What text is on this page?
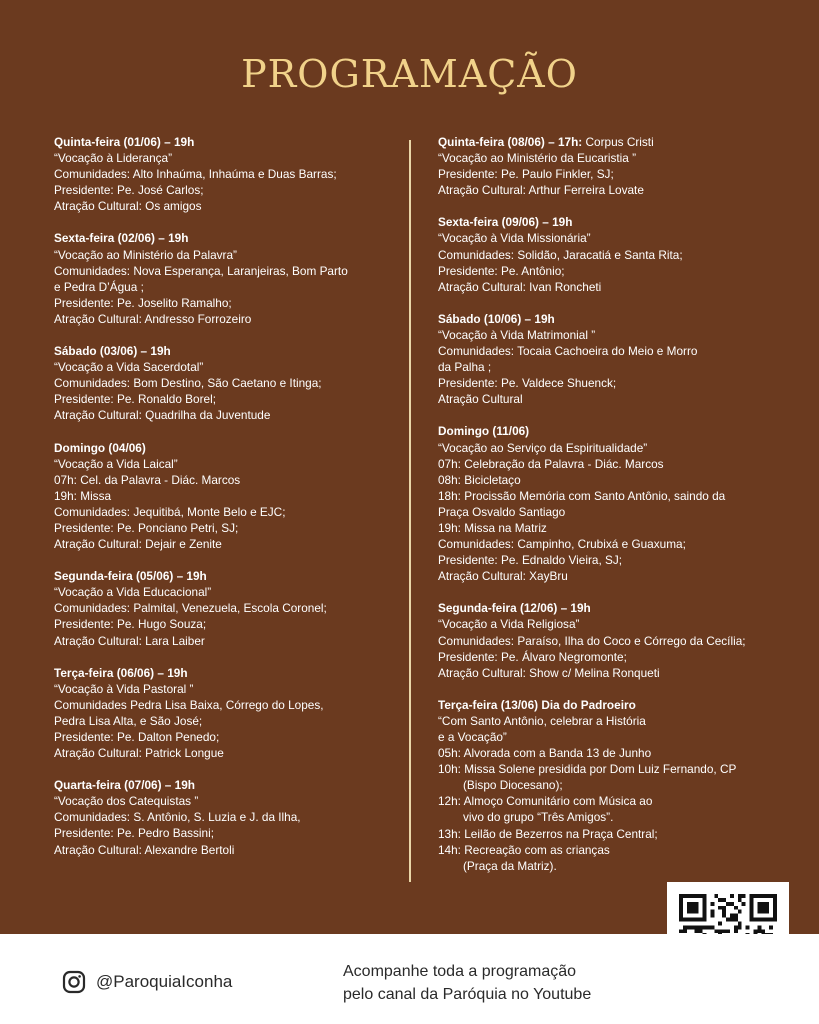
PROGRAMAÇÃO
Quinta-feira (01/06) – 19h
“Vocação à Liderança”
Comunidades: Alto Inhaúma, Inhaúma e Duas Barras;
Presidente: Pe. José Carlos;
Atração Cultural: Os amigos
Sexta-feira (02/06) – 19h
“Vocação ao Ministério da Palavra”
Comunidades: Nova Esperança, Laranjeiras, Bom Parto
e Pedra D’Água ;
Presidente: Pe. Joselito Ramalho;
Atração Cultural: Andresso Forrozeiro
Sábado (03/06) – 19h
“Vocação a Vida Sacerdotal”
Comunidades: Bom Destino, São Caetano e Itinga;
Presidente: Pe. Ronaldo Borel;
Atração Cultural: Quadrilha da Juventude
Domingo (04/06)
“Vocação a Vida Laical”
07h: Cel. da Palavra - Diác. Marcos
19h: Missa
Comunidades: Jequitibá, Monte Belo e EJC;
Presidente: Pe. Ponciano Petri, SJ;
Atração Cultural: Dejair e Zenite
Segunda-feira (05/06) – 19h
“Vocação a Vida Educacional”
Comunidades: Palmital, Venezuela, Escola Coronel;
Presidente: Pe. Hugo Souza;
Atração Cultural: Lara Laiber
Terça-feira (06/06) – 19h
“Vocação à Vida Pastoral ”
Comunidades Pedra Lisa Baixa, Córrego do Lopes,
Pedra Lisa Alta, e São José;
Presidente: Pe. Dalton Penedo;
Atração Cultural: Patrick Longue
Quarta-feira (07/06) – 19h
“Vocação dos Catequistas ”
Comunidades: S. Antônio, S. Luzia e J. da Ilha,
Presidente: Pe. Pedro Bassini;
Atração Cultural: Alexandre Bertoli
Quinta-feira (08/06) – 17h: Corpus Cristi
“Vocação ao Ministério da Eucaristia ”
Presidente: Pe. Paulo Finkler, SJ;
Atração Cultural: Arthur Ferreira Lovate
Sexta-feira (09/06) – 19h
“Vocação à Vida Missionária”
Comunidades: Solidão, Jaracatiá e Santa Rita;
Presidente: Pe. Antônio;
Atração Cultural: Ivan Roncheti
Sábado (10/06) – 19h
“Vocação à Vida Matrimonial ”
Comunidades: Tocaia Cachoeira do Meio e Morro
da Palha ;
Presidente: Pe. Valdece Shuenck;
Atração Cultural
Domingo (11/06)
“Vocação ao Serviço da Espiritualidade”
07h: Celebração da Palavra - Diác. Marcos
08h: Bicicletaço
18h: Procissão Memória com Santo Antônio, saindo da
Praça Osvaldo Santiago
19h: Missa na Matriz
Comunidades: Campinho, Crubixá e Guaxuma;
Presidente: Pe. Ednaldo Vieira, SJ;
Atração Cultural: XayBru
Segunda-feira (12/06) – 19h
“Vocação a Vida Religiosa”
Comunidades: Paraíso, Ilha do Coco e Córrego da Cecília;
Presidente: Pe. Álvaro Negromonte;
Atração Cultural: Show c/ Melina Ronqueti
Terça-feira (13/06) Dia do Padroeiro
“Com Santo Antônio, celebrar a História
e a Vocação”
05h: Alvorada com a Banda 13 de Junho
10h: Missa Solene presidida por Dom Luiz Fernando, CP
(Bispo Diocesano);
12h: Almoço Comunitário com Música ao
vivo do grupo “Três Amigos”.
13h: Leilão de Bezerros na Praça Central;
14h: Recreação com as crianças
(Praça da Matriz).
@ParoquiaIconha
Acompanhe toda a programação
pelo canal da Paróquia no Youtube
